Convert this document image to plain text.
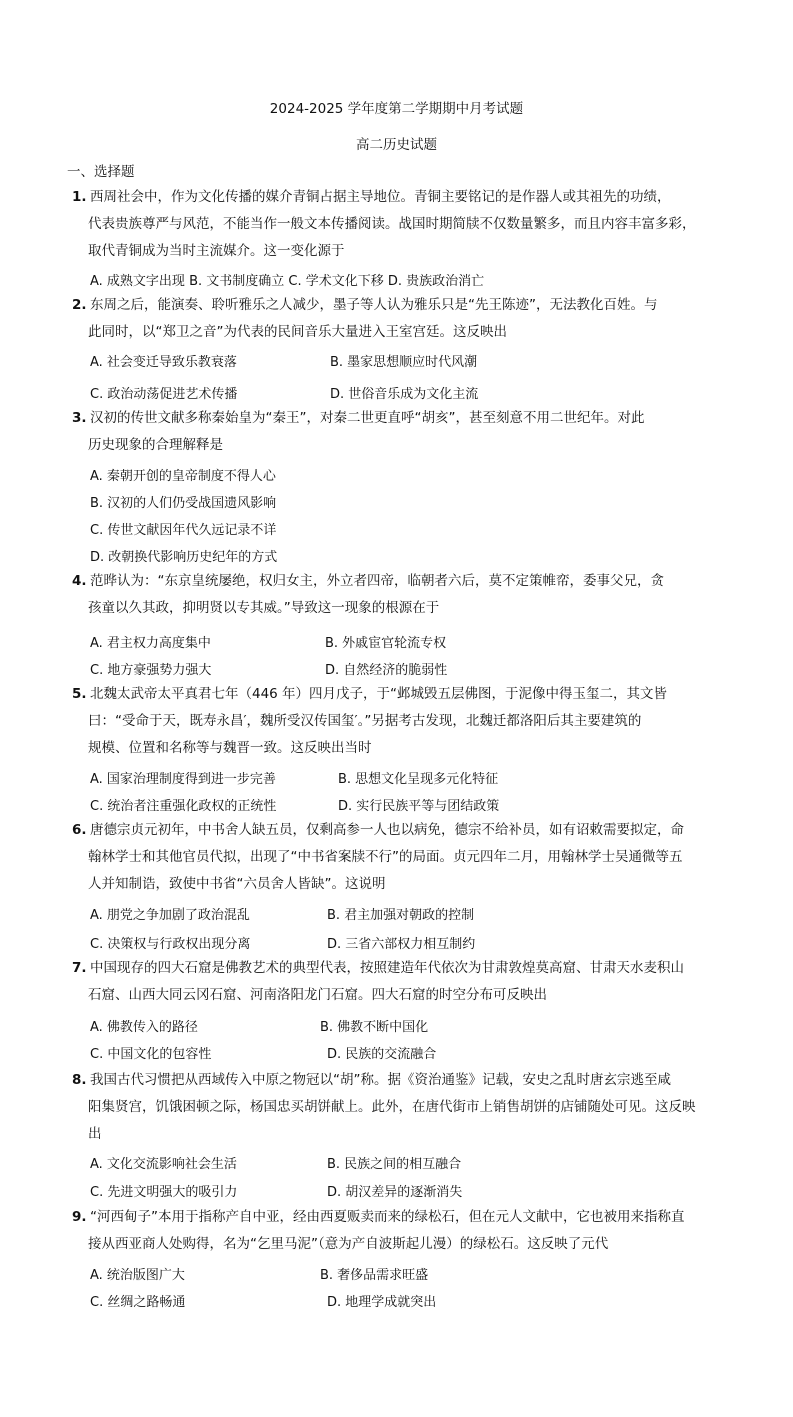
2024-2025 学年度第二学期期中月考试题
高二历史试题
一、选择题
1. 西周社会中，作为文化传播的媒介青铜占据主导地位。青铜主要铭记的是作器人或其祖先的功绩，
代表贵族尊严与风范，不能当作一般文本传播阅读。战国时期简牍不仅数量繁多，而且内容丰富多彩，
取代青铜成为当时主流媒介。这一变化源于
A. 成熟文字出现 B. 文书制度确立 C. 学术文化下移 D. 贵族政治消亡
2. 东周之后，能演奏、聆听雅乐之人减少，墨子等人认为雅乐只是“先王陈迹”，无法教化百姓。与
此同时，以“郑卫之音”为代表的民间音乐大量进入王室宫廷。这反映出
A. 社会变迁导致乐教衰落	B. 墨家思想顺应时代风潮
C. 政治动荡促进艺术传播	D. 世俗音乐成为文化主流
3. 汉初的传世文献多称秦始皇为“秦王”，对秦二世更直呼“胡亥”，甚至刻意不用二世纪年。对此
历史现象的合理解释是
A. 秦朝开创的皇帝制度不得人心
B. 汉初的人们仍受战国遗风影响
C. 传世文献因年代久远记录不详
D. 改朝换代影响历史纪年的方式
4. 范晔认为：“东京皇统屡绝，权归女主，外立者四帝，临朝者六后，莫不定策帷帟，委事父兄，贪
孩童以久其政，抑明贤以专其威。”导致这一现象的根源在于
A. 君主权力高度集中	B. 外戚宦官轮流专权
C. 地方豪强势力强大	D. 自然经济的脆弱性
5. 北魏太武帝太平真君七年（446 年）四月戊子，于“邺城毁五层佛图，于泥像中得玉玺二，其文皆
曰：“受命于天，既寿永昌′，魏所受汉传国玺′。”另据考古发现，北魏迁都洛阳后其主要建筑的
规模、位置和名称等与魏晋一致。这反映出当时
A. 国家治理制度得到进一步完善	B. 思想文化呈现多元化特征
C. 统治者注重强化政权的正统性	D. 实行民族平等与团结政策
6. 唐德宗贞元初年，中书舍人缺五员，仅剩高参一人也以病免，德宗不给补员，如有诏敕需要拟定，命
翰林学士和其他官员代拟，出现了“中书省案牍不行”的局面。贞元四年二月，用翰林学士吴通微等五
人并知制诰，致使中书省“六员舍人皆缺”。这说明
A. 朋党之争加剧了政治混乱	B. 君主加强对朝政的控制
C. 决策权与行政权出现分离	D. 三省六部权力相互制约
7. 中国现存的四大石窟是佛教艺术的典型代表，按照建造年代依次为甘肃敦煌莫高窟、甘肃天水麦积山
石窟、山西大同云冈石窟、河南洛阳龙门石窟。四大石窟的时空分布可反映出
A. 佛教传入的路径	B. 佛教不断中国化
C. 中国文化的包容性	D. 民族的交流融合
8. 我国古代习惯把从西域传入中原之物冠以“胡”称。据《资治通鉴》记载，安史之乱时唐玄宗逃至咸
阳集贤宫，饥饿困顿之际，杨国忠买胡饼献上。此外，在唐代街市上销售胡饼的店铺随处可见。这反映
出
A. 文化交流影响社会生活	B. 民族之间的相互融合
C. 先进文明强大的吸引力	D. 胡汉差异的逐渐消失
9. “河西甸子”本用于指称产自中亚，经由西夏贩卖而来的绿松石，但在元人文献中，它也被用来指称直
接从西亚商人处购得，名为“乞里马泥”（意为产自波斯起儿漫）的绿松石。这反映了元代
A. 统治版图广大	B. 奢侈品需求旺盛
C. 丝绸之路畅通	D. 地理学成就突出
